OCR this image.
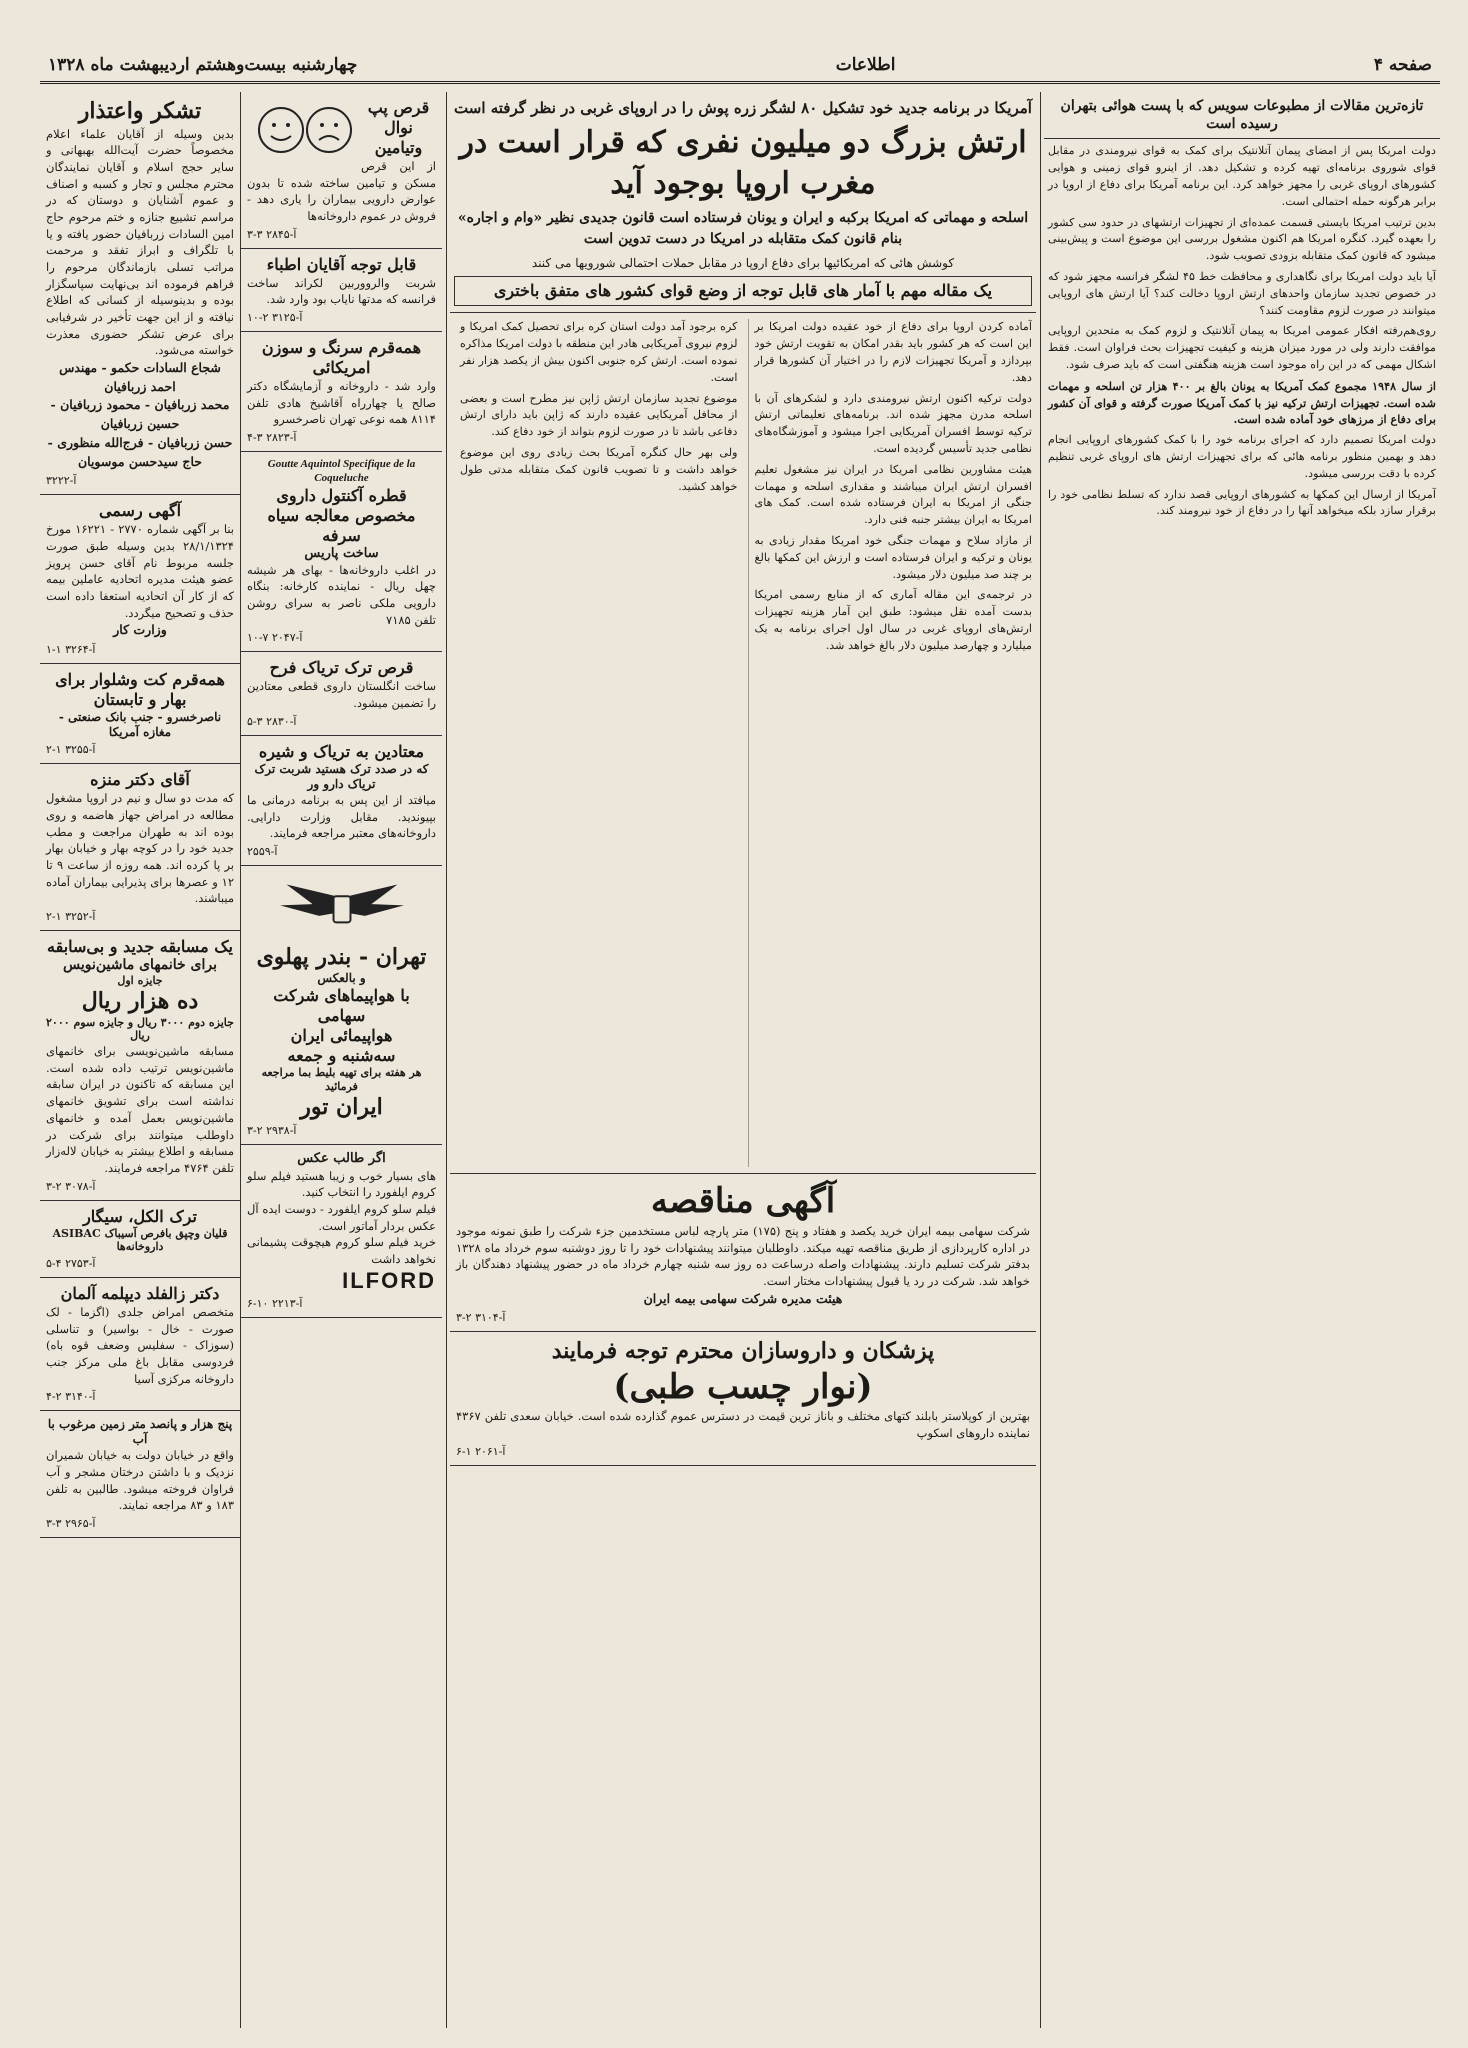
صفحه ۴
اطلاعات
چهارشنبه بیست‌وهشتم اردیبهشت ماه ۱۳۲۸
تازه‌ترین مقالات از مطبوعات سویس که با پست هوائی بتهران رسیده است

دولت امریکا پس از امضای پیمان آتلانتیک برای کمک به قوای نیرومندی در مقابل قوای شوروی برنامه‌ای تهیه کرده و تشکیل دهد. از اینرو قوای زمینی و هوایی کشورهای اروپای غربی را مجهز خواهد کرد. این برنامه آمریکا برای دفاع از اروپا در برابر هرگونه حمله احتمالی است.

بدین ترتیب امریکا بایستی قسمت عمده‌ای از تجهیزات ارتشهای در حدود سی کشور را بعهده گیرد. کنگره امریکا هم اکنون مشغول بررسی این موضوع است و پیش‌بینی میشود که قانون کمک متقابله بزودی تصویب شود.

آیا باید دولت امریکا برای نگاهداری و محافظت خط ۴۵ لشگر فرانسه مجهز شود که در خصوص تجدید سازمان واحدهای ارتش اروپا دخالت کند؟ آیا ارتش های اروپایی میتوانند در صورت لزوم مقاومت کنند؟

روی‌هم‌رفته افکار عمومی امریکا به پیمان آتلانتیک و لزوم کمک به متحدین اروپایی موافقت دارند ولی در مورد میزان هزینه و کیفیت تجهیزات بحث فراوان است. فقط اشکال مهمی که در این راه موجود است هزینه هنگفتی است که باید صرف شود.

از سال ۱۹۴۸ مجموع کمک آمریکا به یونان بالغ بر ۴۰۰ هزار تن اسلحه و مهمات شده است. تجهیزات ارتش ترکیه نیز با کمک آمریکا صورت گرفته و قوای آن کشور برای دفاع از مرزهای خود آماده شده است.

دولت امریکا تصمیم دارد که اجرای برنامه خود را با کمک کشورهای اروپایی انجام دهد و بهمین منظور برنامه هائی که برای تجهیزات ارتش های اروپای غربی تنظیم کرده با دقت بررسی میشود.

آمریکا از ارسال این کمکها به کشورهای اروپایی قصد ندارد که تسلط نظامی خود را برقرار سازد بلکه میخواهد آنها را در دفاع از خود نیرومند کند.

آمریکا در برنامه جدید خود تشکیل ۸۰ لشگر زره پوش را در اروپای غربی در نظر گرفته است
ارتش بزرگ دو میلیون نفری که قرار است در مغرب اروپا بوجود آید
اسلحه و مهماتی که امریکا برکبه و ایران و یونان فرستاده است قانون جدیدی نظیر «وام و اجاره» بنام قانون کمک متقابله در امریکا در دست تدوین است
کوشش هائی که امریکائیها برای دفاع اروپا در مقابل حملات احتمالی شورویها می کنند
یک مقاله مهم با آمار های قابل توجه از وضع قوای کشور های متفق باختری

آماده کردن اروپا برای دفاع از خود عقیده دولت امریکا بر این است که هر کشور باید بقدر امکان به تقویت ارتش خود بپردازد و آمریکا تجهیزات لازم را در اختیار آن کشورها قرار دهد.

دولت ترکیه اکنون ارتش نیرومندی دارد و لشکرهای آن با اسلحه مدرن مجهز شده اند. برنامه‌های تعلیماتی ارتش ترکیه توسط افسران آمریکایی اجرا میشود و آموزشگاه‌های نظامی جدید تأسیس گردیده است.

هیئت مشاورین نظامی امریکا در ایران نیز مشغول تعلیم افسران ارتش ایران میباشند و مقداری اسلحه و مهمات جنگی از امریکا به ایران فرستاده شده است. کمک های امریکا به ایران بیشتر جنبه فنی دارد.

از مازاد سلاح و مهمات جنگی خود امریکا مقدار زیادی به یونان و ترکیه و ایران فرستاده است و ارزش این کمکها بالغ بر چند صد میلیون دلار میشود.

در ترجمه‌ی این مقاله آماری که از منابع رسمی امریکا بدست آمده نقل میشود: طبق این آمار هزینه تجهیزات ارتش‌های اروپای غربی در سال اول اجرای برنامه به یک میلیارد و چهارصد میلیون دلار بالغ خواهد شد.

کره برجود آمد دولت استان کره برای تحصیل کمک امریکا و لزوم نیروی آمریکایی هادر این منطقه با دولت امریکا مذاکره نموده است. ارتش کره جنوبی اکنون بیش از یکصد هزار نفر است.

موضوع تجدید سازمان ارتش ژاپن نیز مطرح است و بعضی از محافل آمریکایی عقیده دارند که ژاپن باید دارای ارتش دفاعی باشد تا در صورت لزوم بتواند از خود دفاع کند.

ولی بهر حال کنگره آمریکا بحث زیادی روی این موضوع خواهد داشت و تا تصویب قانون کمک متقابله مدتی طول خواهد کشید.

آگهی مناقصه

شرکت سهامی بیمه ایران خرید یکصد و هفتاد و پنج (۱۷۵) متر پارچه لباس مستخدمین جزء شرکت را طبق نمونه موجود در اداره کارپردازی از طریق مناقصه تهیه میکند. داوطلبان میتوانند پیشنهادات خود را تا روز دوشنبه سوم خرداد ماه ۱۳۲۸ بدفتر شرکت تسلیم دارند. پیشنهادات واصله درساعت ده روز سه شنبه چهارم خرداد ماه در حضور پیشنهاد دهندگان باز خواهد شد. شرکت در رد یا قبول پیشنهادات مختار است.

هیئت مدیره شرکت سهامی بیمه ایران
آ-۳۱۰۴ ۲-۳
پزشکان و داروسازان محترم توجه فرمایند
(نوار چسب طبی)

بهترین از کوپلاستر بابلند کتهای مختلف و باناز ترین قیمت در دسترس عموم گذارده شده است. خیابان سعدی تلفن ۴۳۶۷ نماینده داروهای اسکوپ

آ-۲۰۶۱ ۱-۶
قرص پپ نوال وتیامین

از این قرص مسکن و تیامین ساخته شده تا بدون عوارض دارویی بیماران را یاری دهد - فروش در عموم داروخانه‌ها

آ-۲۸۴۵ ۳-۳
قابل توجه آقایان اطباء

شربت والرووربین لکراند ساخت فرانسه که مدتها نایاب بود وارد شد.

آ-۳۱۲۵ ۲-۱۰
همه‌قرم سرنگ و سوزن امریکائی

وارد شد - داروخانه و آزمایشگاه دکتر صالح یا چهارراه آقاشیخ هادی تلفن ۸۱۱۴ همه نوعی تهران ناصرخسرو

آ-۲۸۲۳ ۳-۴
Goutte Aquintol Specifique de la Coqueluche
قطره آکنتول داروی مخصوص معالجه سیاه سرفه
ساخت پاریس

در اغلب داروخانه‌ها - بهای هر شیشه چهل ریال - نماینده کارخانه: بنگاه دارویی ملکی ناصر به سرای روشن تلفن ۷۱۸۵

آ-۲۰۴۷ ۷-۱۰
قرص ترک تریاک فرح

ساخت انگلستان داروی قطعی معتادین را تضمین میشود.

آ-۲۸۳۰ ۳-۵
معتادین به تریاک و شیره
که در صدد ترک هستید شربت ترک تریاک دارو ور

میافتد از این پس به برنامه درمانی ما بپیوندید. مقابل وزارت دارایی. داروخانه‌های معتبر مراجعه فرمایند.

آ-۲۵۵۹
تهران - بندر پهلوی
و بالعکس
با هواپیماهای شرکت سهامی
هواپیمائی ایران
سه‌شنبه و جمعه
هر هفته برای تهیه بلیط بما مراجعه فرمائید
ایران تور
آ-۲۹۳۸ ۲-۳
اگر طالب عکس

های بسیار خوب و زیبا هستید فیلم سلو کروم ایلفورد را انتخاب کنید.

فیلم سلو کروم ایلفورد - دوست ایده آل عکس بردار آماتور است.

خرید فیلم سلو کروم هیچوقت پشیمانی نخواهد داشت

ILFORD
آ-۲۲۱۳ ۱۰-۶
تشکر واعتذار

بدین وسیله از آقایان علماء اعلام مخصوصاً حضرت آیت‌الله بهبهانی و سایر حجج اسلام و آقایان نمایندگان محترم مجلس و تجار و کسبه و اصناف و عموم آشنایان و دوستان که در مراسم تشییع جنازه و ختم مرحوم حاج امین السادات زربافیان حضور یافته و یا با تلگراف و ابراز تفقد و مرحمت مراتب تسلی بازماندگان مرحوم را فراهم فرموده اند بی‌نهایت سپاسگزار بوده و بدینوسیله از کسانی که اطلاع نیافته و از این جهت تأخیر در شرفیابی برای عرض تشکر حضوری معذرت خواسته می‌شود.

شجاع السادات حکمو - مهندس احمد زربافیان
محمد زربافیان - محمود زربافیان - حسین زربافیان
حسن زربافیان - فرج‌الله منظوری - حاج سیدحسن موسویان
آ-۳۲۲۲
آگهی رسمی

بنا بر آگهی شماره ۲۷۷۰ - ۱۶۲۲۱ مورخ ۲۸/۱/۱۳۲۴ بدین وسیله طبق صورت جلسه مربوط نام آقای حسن پرویز عضو هیئت مدیره اتحادیه عاملین بیمه که از کار آن اتحادیه استعفا داده است حذف و تصحیح میگردد.

وزارت کار
آ-۳۲۶۴ ۱-۱
همه‌قرم کت وشلوار برای بهار و تابستان
ناصرخسرو - جنب بانک صنعتی - مغازه آمریکا
آ-۳۲۵۵ ۱-۲
آقای دکتر منزه

که مدت دو سال و نیم در اروپا مشغول مطالعه در امراض جهاز هاضمه و روی بوده اند به طهران مراجعت و مطب جدید خود را در کوچه بهار و خیابان بهار بر پا کرده اند. همه روزه از ساعت ۹ تا ۱۲ و عصرها برای پذیرایی بیماران آماده میباشند.

آ-۳۲۵۲ ۱-۲
یک مسابقه جدید و بی‌سابقه
برای خانمهای ماشین‌نویس
جایزه اول
ده هزار ریال
جایزه دوم ۳۰۰۰ ریال و جایزه سوم ۲۰۰۰ ریال

مسابقه ماشین‌نویسی برای خانمهای ماشین‌نویس ترتیب داده شده است. این مسابقه که تاکنون در ایران سابقه نداشته است برای تشویق خانمهای ماشین‌نویس بعمل آمده و خانمهای داوطلب میتوانند برای شرکت در مسابقه و اطلاع بیشتر به خیابان لاله‌زار تلفن ۴۷۶۴ مراجعه فرمایند.

آ-۳۰۷۸ ۲-۳
ترک الکل، سیگار
قلیان وچپق بافرص آسیباک ASIBAC داروخانه‌ها
آ-۲۷۵۳ ۴-۵
دکتر زالفلد دیپلمه آلمان

متخصص امراض جلدی (اگزما - لک صورت - خال - بواسیر) و تناسلی (سوزاک - سفلیس وضعف قوه باه) فردوسی مقابل باغ ملی مرکز جنب داروخانه مرکزی آسیا

آ-۳۱۴۰ ۲-۴
پنج هزار و پانصد متر زمین مرغوب با آب

واقع در خیابان دولت به خیابان شمیران نزدیک و با داشتن درختان مشجر و آب فراوان فروخته میشود. طالبین به تلفن ۱۸۳ و ۸۳ مراجعه نمایند.

آ-۲۹۶۵ ۳-۳
